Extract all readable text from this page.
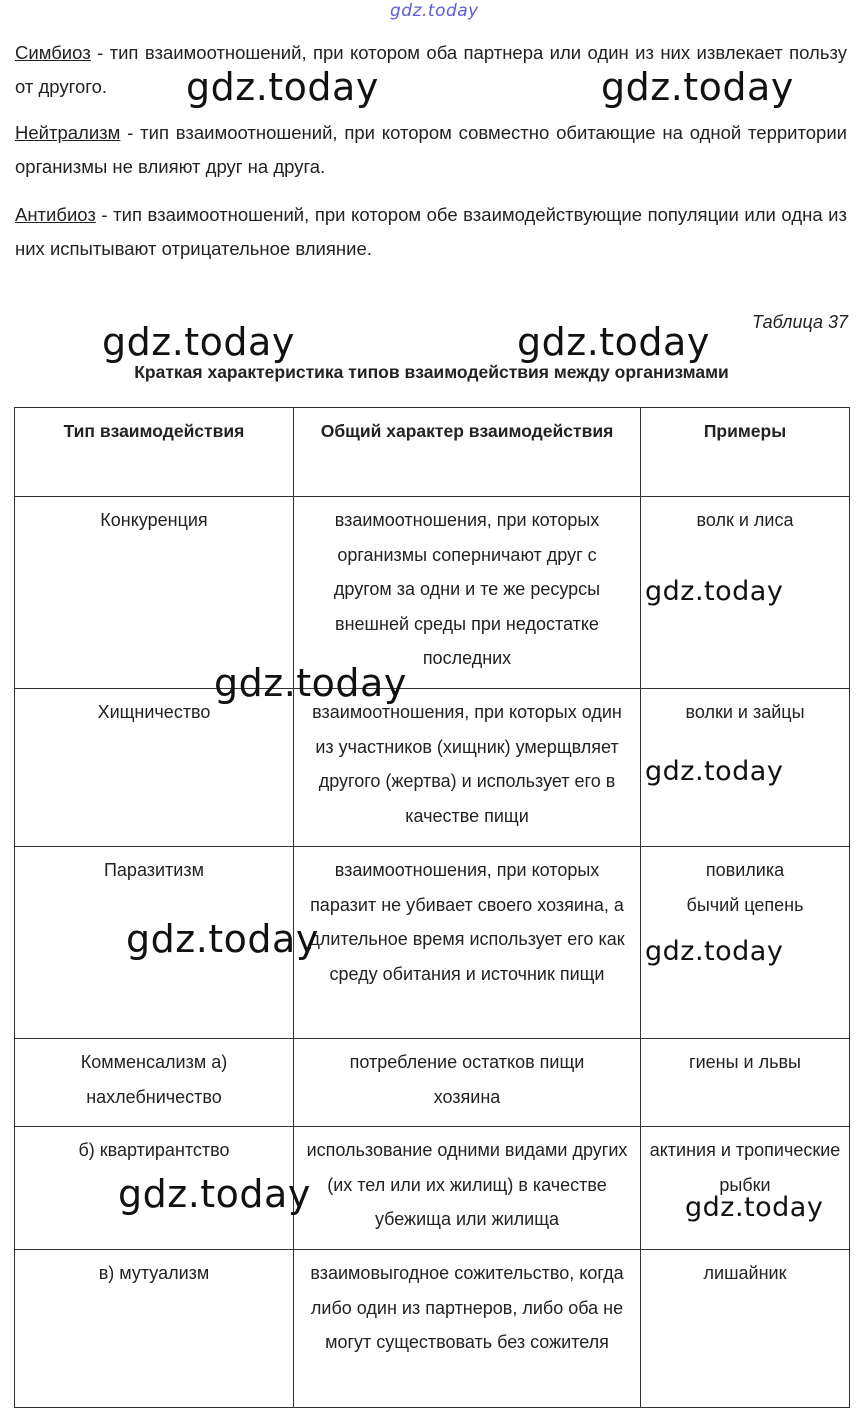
gdz.today
Симбиоз - тип взаимоотношений, при котором оба партнера или один из них извлекает пользу от другого.
Нейтрализм - тип взаимоотношений, при котором совместно обитающие на одной территории организмы не влияют друг на друга.
Антибиоз - тип взаимоотношений, при котором обе взаимодействующие популяции или одна из них испытывают отрицательное влияние.
Таблица 37
Краткая характеристика типов взаимодействия между организмами
Тип взаимодействия	Общий характер взаимодействия	Примеры
Конкуренция	взаимоотношения, при которых организмы соперничают друг с другом за одни и те же ресурсы внешней среды при недостатке последних	волк и лиса
Хищничество	взаимоотношения, при которых один из участников (хищник) умерщвляет другого (жертва) и использует его в качестве пищи	волки и зайцы
Паразитизм	взаимоотношения, при которых паразит не убивает своего хозяина, а длительное время использует его как среду обитания и источник пищи	повилика бычий цепень
Комменсализм а) нахлебничество	потребление остатков пищи хозяина	гиены и львы
б) квартирантство	использование одними видами других (их тел или их жилищ) в качестве убежища или жилища	актиния и тропические рыбки
в) мутуализм	взаимовыгодное сожительство, когда либо один из партнеров, либо оба не могут существовать без сожителя	лишайник
gdz.today	gdz.today
gdz.today	gdz.today
gdz.today
gdz.today
gdz.today
gdz.today	gdz.today
gdz.today	gdz.today
